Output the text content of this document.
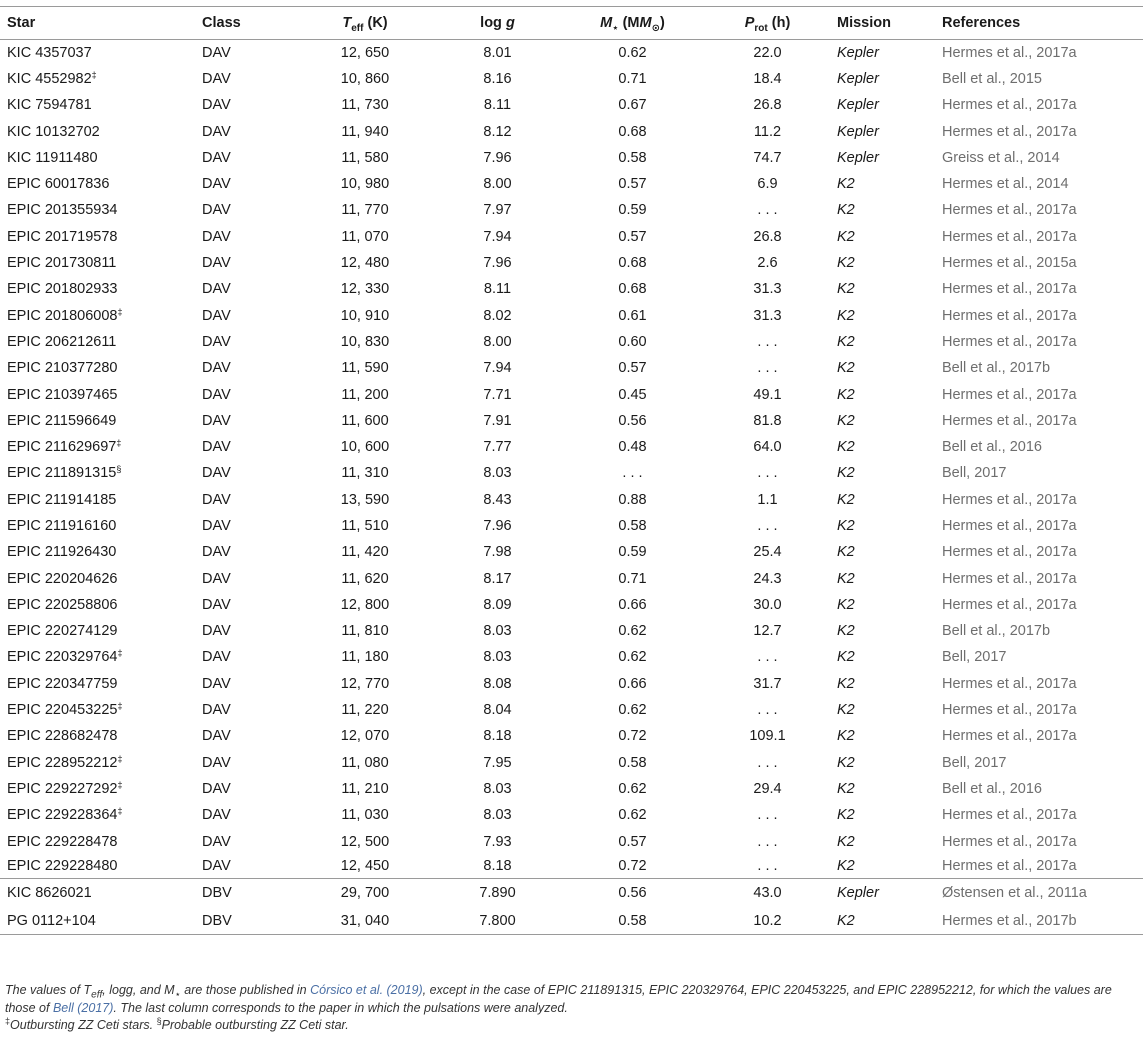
Star	Class	$T_{eff}$ (K)	log g	$M_⋆$ $(MM_⊙)$	$P_{rot}$ (h)	Mission	References
KIC 4357037	DAV	12, 650	8.01	0.62	22.0	Kepler	Hermes et al., 2017a
KIC 4552982‡	DAV	10, 860	8.16	0.71	18.4	Kepler	Bell et al., 2015
KIC 7594781	DAV	11, 730	8.11	0.67	26.8	Kepler	Hermes et al., 2017a
KIC 10132702	DAV	11, 940	8.12	0.68	11.2	Kepler	Hermes et al., 2017a
KIC 11911480	DAV	11, 580	7.96	0.58	74.7	Kepler	Greiss et al., 2014
EPIC 60017836	DAV	10, 980	8.00	0.57	6.9	K2	Hermes et al., 2014
EPIC 201355934	DAV	11, 770	7.97	0.59	. . .	K2	Hermes et al., 2017a
EPIC 201719578	DAV	11, 070	7.94	0.57	26.8	K2	Hermes et al., 2017a
EPIC 201730811	DAV	12, 480	7.96	0.68	2.6	K2	Hermes et al., 2015a
EPIC 201802933	DAV	12, 330	8.11	0.68	31.3	K2	Hermes et al., 2017a
EPIC 201806008‡	DAV	10, 910	8.02	0.61	31.3	K2	Hermes et al., 2017a
EPIC 206212611	DAV	10, 830	8.00	0.60	. . .	K2	Hermes et al., 2017a
EPIC 210377280	DAV	11, 590	7.94	0.57	. . .	K2	Bell et al., 2017b
EPIC 210397465	DAV	11, 200	7.71	0.45	49.1	K2	Hermes et al., 2017a
EPIC 211596649	DAV	11, 600	7.91	0.56	81.8	K2	Hermes et al., 2017a
EPIC 211629697‡	DAV	10, 600	7.77	0.48	64.0	K2	Bell et al., 2016
EPIC 211891315§	DAV	11, 310	8.03	. . .	. . .	K2	Bell, 2017
EPIC 211914185	DAV	13, 590	8.43	0.88	1.1	K2	Hermes et al., 2017a
EPIC 211916160	DAV	11, 510	7.96	0.58	. . .	K2	Hermes et al., 2017a
EPIC 211926430	DAV	11, 420	7.98	0.59	25.4	K2	Hermes et al., 2017a
EPIC 220204626	DAV	11, 620	8.17	0.71	24.3	K2	Hermes et al., 2017a
EPIC 220258806	DAV	12, 800	8.09	0.66	30.0	K2	Hermes et al., 2017a
EPIC 220274129	DAV	11, 810	8.03	0.62	12.7	K2	Bell et al., 2017b
EPIC 220329764‡	DAV	11, 180	8.03	0.62	. . .	K2	Bell, 2017
EPIC 220347759	DAV	12, 770	8.08	0.66	31.7	K2	Hermes et al., 2017a
EPIC 220453225‡	DAV	11, 220	8.04	0.62	. . .	K2	Hermes et al., 2017a
EPIC 228682478	DAV	12, 070	8.18	0.72	109.1	K2	Hermes et al., 2017a
EPIC 228952212‡	DAV	11, 080	7.95	0.58	. . .	K2	Bell, 2017
EPIC 229227292‡	DAV	11, 210	8.03	0.62	29.4	K2	Bell et al., 2016
EPIC 229228364‡	DAV	11, 030	8.03	0.62	. . .	K2	Hermes et al., 2017a
EPIC 229228478	DAV	12, 500	7.93	0.57	. . .	K2	Hermes et al., 2017a
EPIC 229228480	DAV	12, 450	8.18	0.72	. . .	K2	Hermes et al., 2017a
KIC 8626021	DBV	29, 700	7.890	0.56	43.0	Kepler	Østensen et al., 2011a
PG 0112+104	DBV	31, 040	7.800	0.58	10.2	K2	Hermes et al., 2017b

The values of $T_{eff}$, logg, and $M_⋆$ are those published in Córsico et al. (2019), except in the case of EPIC 211891315, EPIC 220329764, EPIC 220453225, and EPIC 228952212, for which the values are those of Bell (2017). The last column corresponds to the paper in which the pulsations were analyzed.

‡Outbursting ZZ Ceti stars. §Probable outbursting ZZ Ceti star.
